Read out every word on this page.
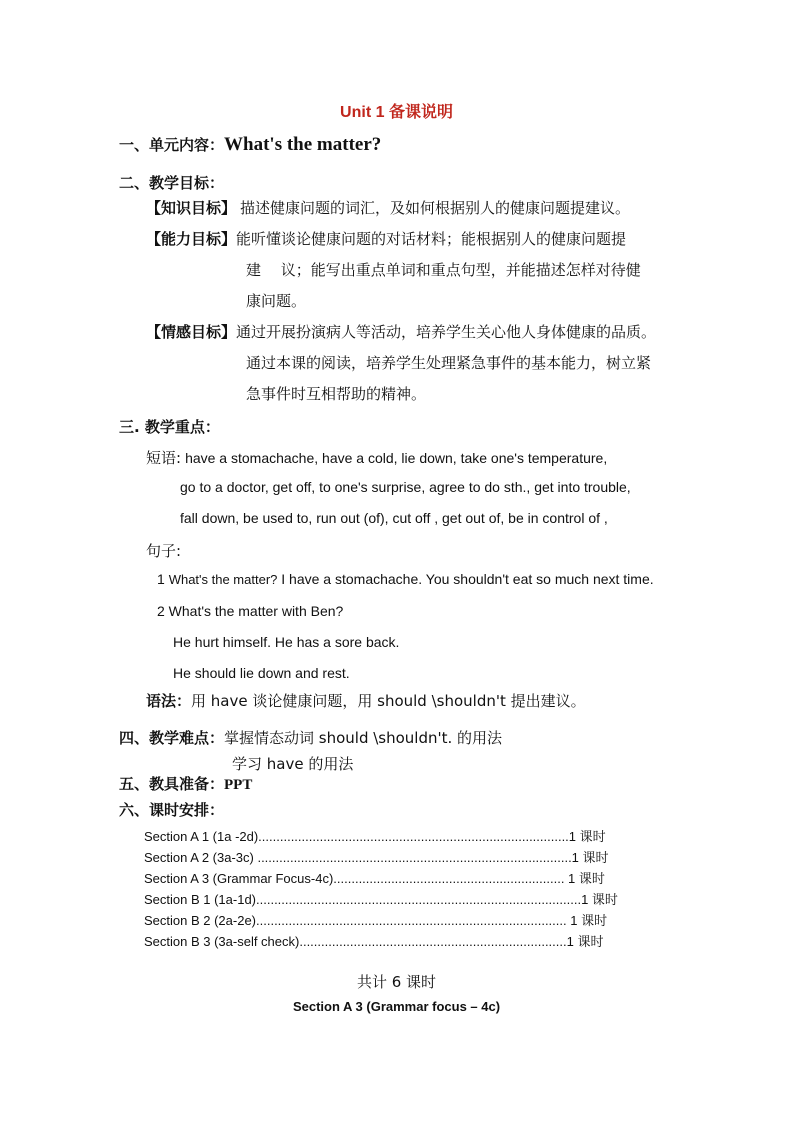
Unit 1 备课说明
一、单元内容：What's the matter?
二、教学目标：
【知识目标】 描述健康问题的词汇，及如何根据别人的健康问题提建议。
【能力目标】能听懂谈论健康问题的对话材料；能根据别人的健康问题提
建　 议；能写出重点单词和重点句型，并能描述怎样对待健
康问题。
【情感目标】通过开展扮演病人等活动，培养学生关心他人身体健康的品质。
通过本课的阅读，培养学生处理紧急事件的基本能力，树立紧
急事件时互相帮助的精神。
三. 教学重点：
短语: have a stomachache, have a cold, lie down, take one's temperature,
go to a doctor, get off, to one's surprise, agree to do sth., get into trouble,
fall down, be used to, run out (of), cut off , get out of, be in control of ,
句子:
1 What's the matter? I have a stomachache. You shouldn't eat so much next time.
2 What's the matter with Ben?
He hurt himself. He has a sore back.
He should lie down and rest.
语法：用 have 谈论健康问题，用 should \shouldn't 提出建议。
四、教学难点：掌握情态动词 should \shouldn't. 的用法
学习 have 的用法
五、教具准备：PPT
六、课时安排：
Section A 1 (1a -2d)......................................................................................1 课时
Section A 2 (3a-3c) .......................................................................................1 课时
Section A 3 (Grammar Focus-4c)................................................................ 1 课时
Section B 1 (1a-1d)..........................................................................................1 课时
Section B 2 (2a-2e)...................................................................................... 1 课时
Section B 3 (3a-self check)..........................................................................1 课时
共计 6 课时
Section A 3 (Grammar focus – 4c)
